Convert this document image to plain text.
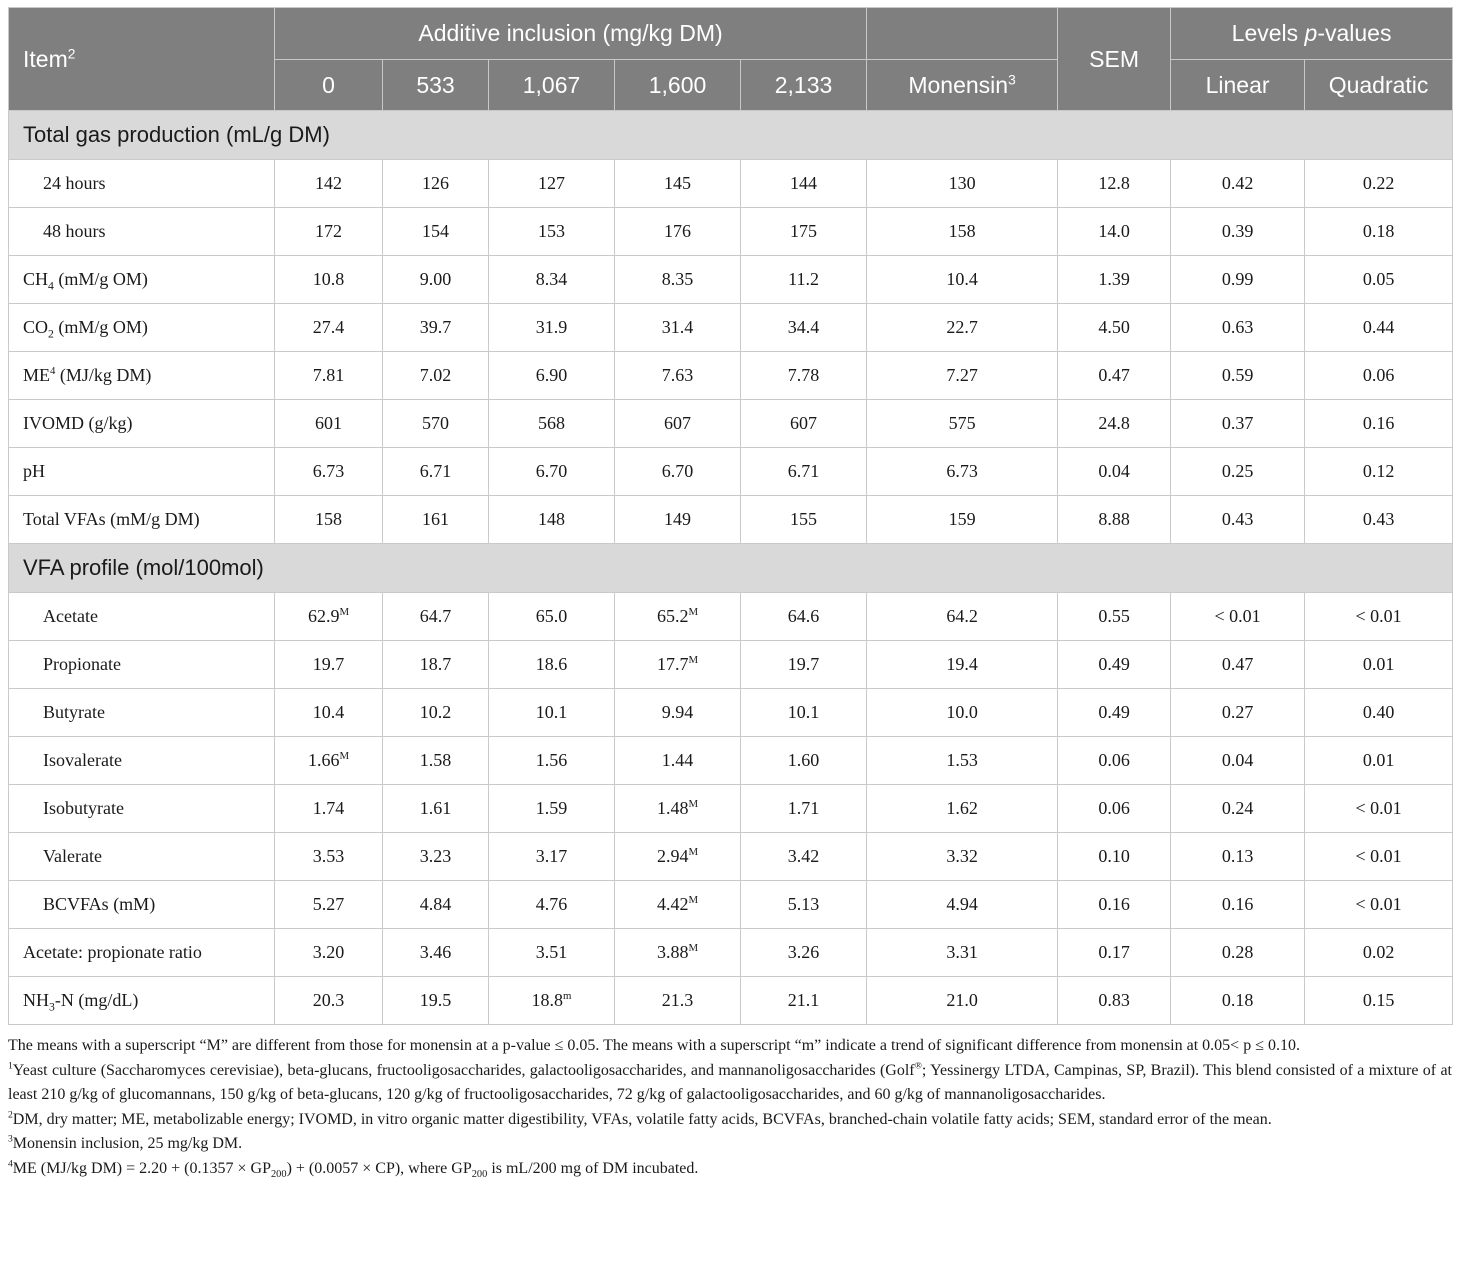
Item$^2$	Additive inclusion (mg/kg DM)						SEM	Levels p-values	
	0	533	1,067	1,600	2,133	Monensin$^3$		Linear	Quadratic
Total gas production (mL/g DM)									
24 hours	142	126	127	145	144	130	12.8	0.42	0.22
48 hours	172	154	153	176	175	158	14.0	0.39	0.18
$CH_4$ (mM/g OM)	10.8	9.00	8.34	8.35	11.2	10.4	1.39	0.99	0.05
$CO_2$ (mM/g OM)	27.4	39.7	31.9	31.4	34.4	22.7	4.50	0.63	0.44
$ME^4$ (MJ/kg DM)	7.81	7.02	6.90	7.63	7.78	7.27	0.47	0.59	0.06
IVOMD (g/kg)	601	570	568	607	607	575	24.8	0.37	0.16
pH	6.73	6.71	6.70	6.70	6.71	6.73	0.04	0.25	0.12
Total VFAs (mM/g DM)	158	161	148	149	155	159	8.88	0.43	0.43
VFA profile (mol/100mol)									
Acetate	$62.9^M$	64.7	65.0	$65.2^M$	64.6	64.2	0.55	< 0.01	< 0.01
Propionate	19.7	18.7	18.6	$17.7^M$	19.7	19.4	0.49	0.47	0.01
Butyrate	10.4	10.2	10.1	9.94	10.1	10.0	0.49	0.27	0.40
Isovalerate	$1.66^M$	1.58	1.56	1.44	1.60	1.53	0.06	0.04	0.01
Isobutyrate	1.74	1.61	1.59	$1.48^M$	1.71	1.62	0.06	0.24	< 0.01
Valerate	3.53	3.23	3.17	$2.94^M$	3.42	3.32	0.10	0.13	< 0.01
BCVFAs (mM)	5.27	4.84	4.76	$4.42^M$	5.13	4.94	0.16	0.16	< 0.01
Acetate: propionate ratio	3.20	3.46	3.51	$3.88^M$	3.26	3.31	0.17	0.28	0.02
$NH_3-N$ (mg/dL)	20.3	19.5	18.8$^m$	21.3	21.1	21.0	0.83	0.18	0.15

The means with a superscript “M” are different from those for monensin at a p-value ≤ 0.05. The means with a superscript “m” indicate a trend of significant difference from monensin at 0.05< p ≤ 0.10.

$^1$Yeast culture (Saccharomyces cerevisiae), beta-glucans, fructooligosaccharides, galactooligosaccharides, and mannanoligosaccharides (Golf®; Yessinergy LTDA, Campinas, SP, Brazil). This blend consisted of a mixture of at least 210 g/kg of glucomannans, 150 g/kg of beta-glucans, 120 g/kg of fructooligosaccharides, 72 g/kg of galactooligosaccharides, and 60 g/kg of mannanoligosaccharides.

$^2$DM, dry matter; ME, metabolizable energy; IVOMD, in vitro organic matter digestibility, VFAs, volatile fatty acids, BCVFAs, branched-chain volatile fatty acids; SEM, standard error of the mean.

$^3$Monensin inclusion, 25 mg/kg DM.

$^4$ME (MJ/kg $DM) = 2.20 + (0.1357 \times GP_{200}) + (0.0057 \times CP)$, where $GP_{200}$ is mL/200 mg of DM incubated.
